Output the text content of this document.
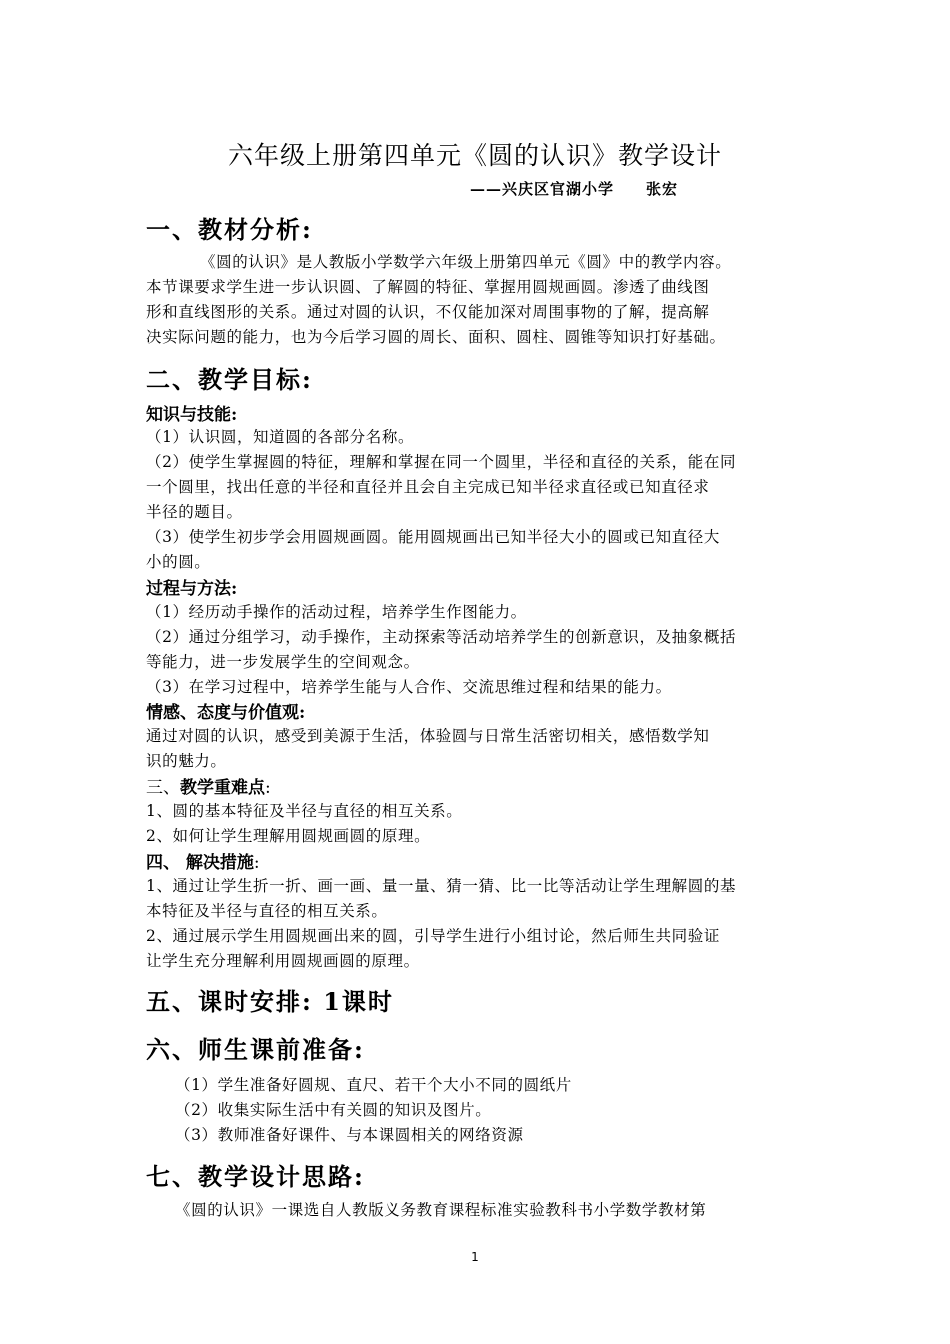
六年级上册第四单元《圆的认识》教学设计
——兴庆区官湖小学 张宏
一、教材分析:
《圆的认识》是人教版小学数学六年级上册第四单元《圆》中的教学内容。
本节课要求学生进一步认识圆、了解圆的特征、掌握用圆规画圆。渗透了曲线图
形和直线图形的关系。通过对圆的认识，不仅能加深对周围事物的了解，提高解
决实际问题的能力，也为今后学习圆的周长、面积、圆柱、圆锥等知识打好基础。
二、教学目标:
知识与技能:
（1）认识圆，知道圆的各部分名称。
（2）使学生掌握圆的特征，理解和掌握在同一个圆里，半径和直径的关系，能在同
一个圆里，找出任意的半径和直径并且会自主完成已知半径求直径或已知直径求
半径的题目。
（3）使学生初步学会用圆规画圆。能用圆规画出已知半径大小的圆或已知直径大
小的圆。
过程与方法:
（1）经历动手操作的活动过程，培养学生作图能力。
（2）通过分组学习，动手操作，主动探索等活动培养学生的创新意识，及抽象概括
等能力，进一步发展学生的空间观念。
（3）在学习过程中，培养学生能与人合作、交流思维过程和结果的能力。
情感、态度与价值观:
通过对圆的认识，感受到美源于生活，体验圆与日常生活密切相关，感悟数学知
识的魅力。
三、教学重难点:
1、圆的基本特征及半径与直径的相互关系。
2、如何让学生理解用圆规画圆的原理。
四、 解决措施:
1、通过让学生折一折、画一画、量一量、猜一猜、比一比等活动让学生理解圆的基
本特征及半径与直径的相互关系。
2、通过展示学生用圆规画出来的圆，引导学生进行小组讨论，然后师生共同验证
让学生充分理解利用圆规画圆的原理。
五、课时安排: 1课时
六、师生课前准备:
（1）学生准备好圆规、直尺、若干个大小不同的圆纸片
（2）收集实际生活中有关圆的知识及图片。
（3）教师准备好课件、与本课圆相关的网络资源
七、教学设计思路:
《圆的认识》一课选自人教版义务教育课程标准实验教科书小学数学教材第
1
